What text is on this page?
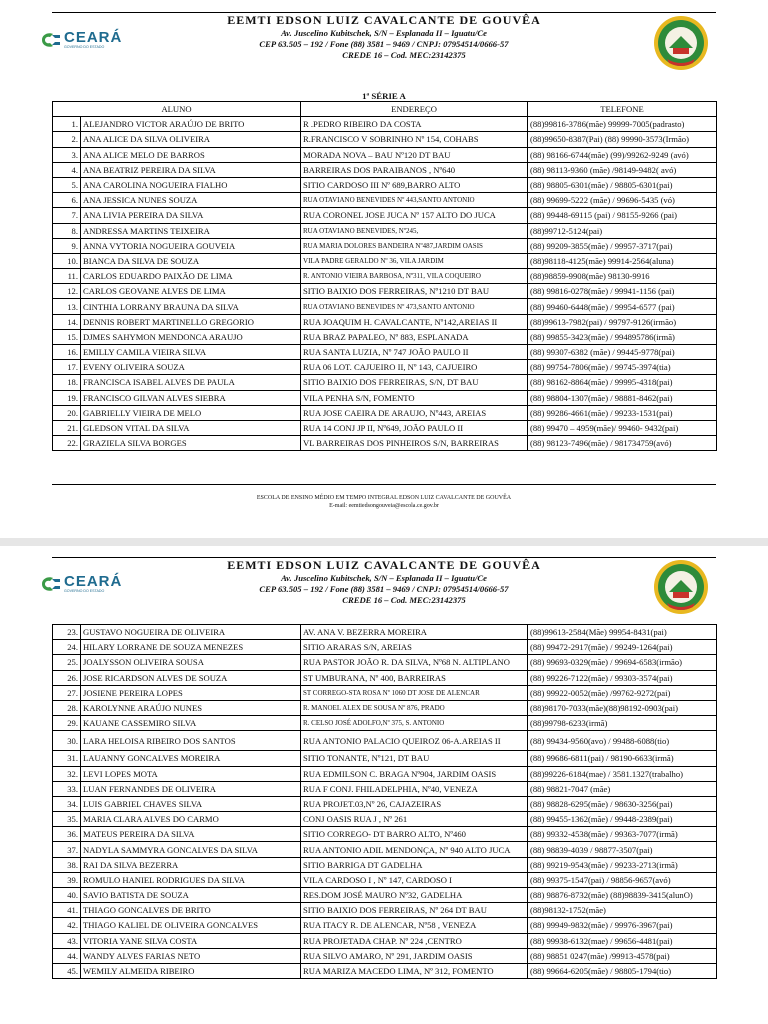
CEARÁ
GOVERNO DO ESTADO
EEMTI EDSON LUIZ CAVALCANTE DE GOUVÊA
Av. Juscelino Kubitschek, S/N – Esplanada II – Iguatu/Ce
CEP 63.505 – 192 / Fone (88) 3581 – 9469 / CNPJ: 07954514/0666-57
CREDE 16 – Cod. MEC:23142375
1ª SÉRIE A
ALUNO		ENDEREÇO	TELEFONE
1.	ALEJANDRO VICTOR ARAÚJO DE BRITO	R .PEDRO RIBEIRO DA COSTA	(88)99816-3786(mãe) 99999-7005(padrasto)
2.	ANA ALICE DA SILVA OLIVEIRA	R.FRANCISCO V SOBRINHO Nº 154, COHABS	(88)99650-8387(Pai) (88) 99990-3573(Irmão)
3.	ANA ALICE MELO DE BARROS	MORADA NOVA – BAU Nº120 DT BAU	(88) 98166-6744(mãe) (99)/99262-9249 (avó)
4.	ANA BEATRIZ PEREIRA DA SILVA	BARREIRAS DOS PARAIBANOS , Nº640	(88) 98113-9360 (mãe) /98149-9482( avó)
5.	ANA CAROLINA NOGUEIRA FIALHO	SITIO CARDOSO III Nº 689,BARRO ALTO	(88) 98805-6301(mãe) / 98805-6301(pai)
6.	ANA JESSICA NUNES SOUZA	RUA OTAVIANO BENEVIDES Nº 443,SANTO ANTONIO	(88) 99699-5222 (mãe) / 99696-5435 (vó)
7.	ANA LIVIA PEREIRA DA SILVA	RUA CORONEL JOSE JUCA Nº 157 ALTO DO JUCA	(88) 99448-69115 (pai) / 98155-9266 (pai)
8.	ANDRESSA MARTINS TEIXEIRA	RUA OTAVIANO BENEVIDES, Nº245,	(88)99712-5124(pai)
9.	ANNA VYTORIA NOGUEIRA GOUVEIA	RUA MARIA DOLORES BANDEIRA Nº487,JARDIM OASIS	(88) 99209-3855(mãe) / 99957-3717(pai)
10.	BIANCA DA SILVA DE SOUZA	VILA PADRE GERALDO Nº 36, VILA JARDIM	(88)98118-4125(mãe) 99914-2564(aluna)
11.	CARLOS EDUARDO PAIXÃO DE LIMA	R. ANTONIO VIEIRA BARBOSA, Nº311, VILA COQUEIRO	(88)98859-9908(mãe) 98130-9916
12.	CARLOS GEOVANE ALVES DE LIMA	SITIO BAIXIO DOS FERREIRAS, Nº1210 DT BAU	(88) 99816-0278(mãe) / 99941-1156 (pai)
13.	CINTHIA LORRANY BRAUNA DA SILVA	RUA OTAVIANO BENEVIDES Nº 473,SANTO ANTONIO	(88) 99460-6448(mãe) / 99954-6577 (pai)
14.	DENNIS ROBERT MARTINELLO GREGORIO	RUA JOAQUIM H. CAVALCANTE, Nº142,AREIAS II	(88)99613-7982(pai) / 99797-9126(irmão)
15.	DJMES SAHYMON MENDONCA ARAUJO	RUA BRAZ PAPALEO, Nº 883, ESPLANADA	(88) 99855-3423(mãe) / 994895786(irmã)
16.	EMILLY CAMILA VIEIRA SILVA	RUA SANTA LUZIA, Nº 747 JOÃO PAULO II	(88) 99307-6382 (mãe) / 99445-9778(pai)
17.	EVENY OLIVEIRA SOUZA	RUA 06 LOT. CAJUEIRO II, Nº 143, CAJUEIRO	(88) 99754-7806(mãe) / 99745-3974(tia)
18.	FRANCISCA ISABEL ALVES DE PAULA	SITIO BAIXIO DOS FERREIRAS, S/N, DT BAU	(88) 98162-8864(mãe) / 99995-4318(pai)
19.	FRANCISCO GILVAN ALVES SIEBRA	VILA PENHA S/N, FOMENTO	(88) 98804-1307(mãe) / 98881-8462(pai)
20.	GABRIELLY VIEIRA DE MELO	RUA JOSE CAEIRA DE ARAUJO, Nº443, AREIAS	(88) 99286-4661(mãe) / 99233-1531(pai)
21.	GLEDSON VITAL DA SILVA	RUA 14 CONJ JP II, Nº649, JOÃO PAULO II	(88) 99470 – 4959(mãe)/ 99460- 9432(pai)
22.	GRAZIELA SILVA BORGES	VL BARREIRAS DOS PINHEIROS S/N, BARREIRAS	(88) 98123-7496(mãe) / 981734759(avó)
ESCOLA DE ENSINO MÉDIO EM TEMPO INTEGRAL EDSON LUIZ CAVALCANTE DE GOUVÊA
E-mail: eemtiedsongouveia@escola.ce.gov.br
CEARÁ
GOVERNO DO ESTADO
EEMTI EDSON LUIZ CAVALCANTE DE GOUVÊA
Av. Juscelino Kubitschek, S/N – Esplanada II – Iguatu/Ce
CEP 63.505 – 192 / Fone (88) 3581 – 9469 / CNPJ: 07954514/0666-57
CREDE 16 – Cod. MEC:23142375
23.	GUSTAVO NOGUEIRA DE OLIVEIRA	AV. ANA V. BEZERRA MOREIRA	(88)99613-2584(Mãe) 99954-8431(pai)
24.	HILARY LORRANE DE SOUZA MENEZES	SITIO ARARAS S/N, AREIAS	(88) 99472-2917(mãe) / 99249-1264(pai)
25.	JOALYSSON OLIVEIRA SOUSA	RUA PASTOR JOÃO R. DA SILVA, Nº68 N. ALTIPLANO	(88) 99693-0329(mãe) / 99694-6583(irmão)
26.	JOSE RICARDSON ALVES DE SOUZA	ST UMBURANA, Nº 400, BARREIRAS	(88) 99226-7122(mãe) / 99303-3574(pai)
27.	JOSIENE PEREIRA LOPES	ST CORREGO-STA ROSA Nº 1060 DT JOSE DE ALENCAR	(88) 99922-0052(mãe) /99762-9272(pai)
28.	KAROLYNNE ARAÚJO NUNES	R. MANOEL ALEX DE SOUSA Nº 876, PRADO	(88)98170-7033(mãe)(88)98192-0903(pai)
29.	KAUANE CASSEMIRO SILVA	R. CELSO JOSÉ ADOLFO,Nº 375, S. ANTONIO	(88)99798-6233(irmã)
30.	LARA HELOISA RIBEIRO DOS SANTOS	RUA ANTONIO PALACIO QUEIROZ 06-A.AREIAS II	(88) 99434-9560(avo) / 99488-6088(tio)
31.	LAUANNY GONCALVES MOREIRA	SITIO TONANTE, Nº121, DT BAU	(88) 99686-6811(pai) / 98190-6633(irmã)
32.	LEVI LOPES MOTA	RUA EDMILSON C. BRAGA Nº904, JARDIM OASIS	(88)99226-6184(mae) / 3581.1327(trabalho)
33.	LUAN FERNANDES DE OLIVEIRA	RUA F CONJ. FHILADELPHIA, Nº40, VENEZA	(88) 98821-7047 (mãe)
34.	LUIS GABRIEL CHAVES SILVA	RUA PROJET.03,Nº 26, CAJAZEIRAS	(88) 98828-6295(mãe) / 98630-3256(pai)
35.	MARIA CLARA ALVES DO CARMO	CONJ OASIS RUA J , Nº 261	(88) 99455-1362(mãe) / 99448-2389(pai)
36.	MATEUS PEREIRA DA SILVA	SITIO CORREGO- DT BARRO ALTO, Nº460	(88) 99332-4538(mãe) / 99363-7077(irmã)
37.	NADYLA SAMMYRA GONCALVES DA SILVA	RUA ANTONIO ADIL MENDONÇA, Nº 940 ALTO JUCA	(88) 98839-4039 / 98877-3507(pai)
38.	RAI DA SILVA BEZERRA	SITIO BARRIGA DT GADELHA	(88) 99219-9543(mãe) / 99233-2713(irmã)
39.	ROMULO HANIEL RODRIGUES DA SILVA	VILA CARDOSO I , Nº 147, CARDOSO I	(88) 99375-1547(pai) / 98856-9657(avó)
40.	SAVIO BATISTA DE SOUZA	RES.DOM JOSÉ MAURO Nº32, GADELHA	(88) 98876-8732(mãe) (88)98839-3415(alunO)
41.	THIAGO GONCALVES DE BRITO	SITIO BAIXIO DOS FERREIRAS, Nº 264 DT BAU	(88)98132-1752(mãe)
42.	THIAGO KALIEL DE OLIVEIRA GONCALVES	RUA ITACY R. DE ALENCAR, Nº58 , VENEZA	(88) 99949-9832(mãe) / 99976-3967(pai)
43.	VITORIA YANE SILVA COSTA	RUA PROJETADA CHAP. Nº 224 ,CENTRO	(88) 99938-6132(mae) / 99656-4481(pai)
44.	WANDY ALVES FARIAS NETO	RUA SILVO AMARO, Nº 291, JARDIM OASIS	(88) 98851 0247(mãe) /99913-4578(pai)
45.	WEMILY ALMEIDA RIBEIRO	RUA MARIZA MACEDO LIMA, Nº 312, FOMENTO	(88) 99664-6205(mãe) / 98805-1794(tio)
